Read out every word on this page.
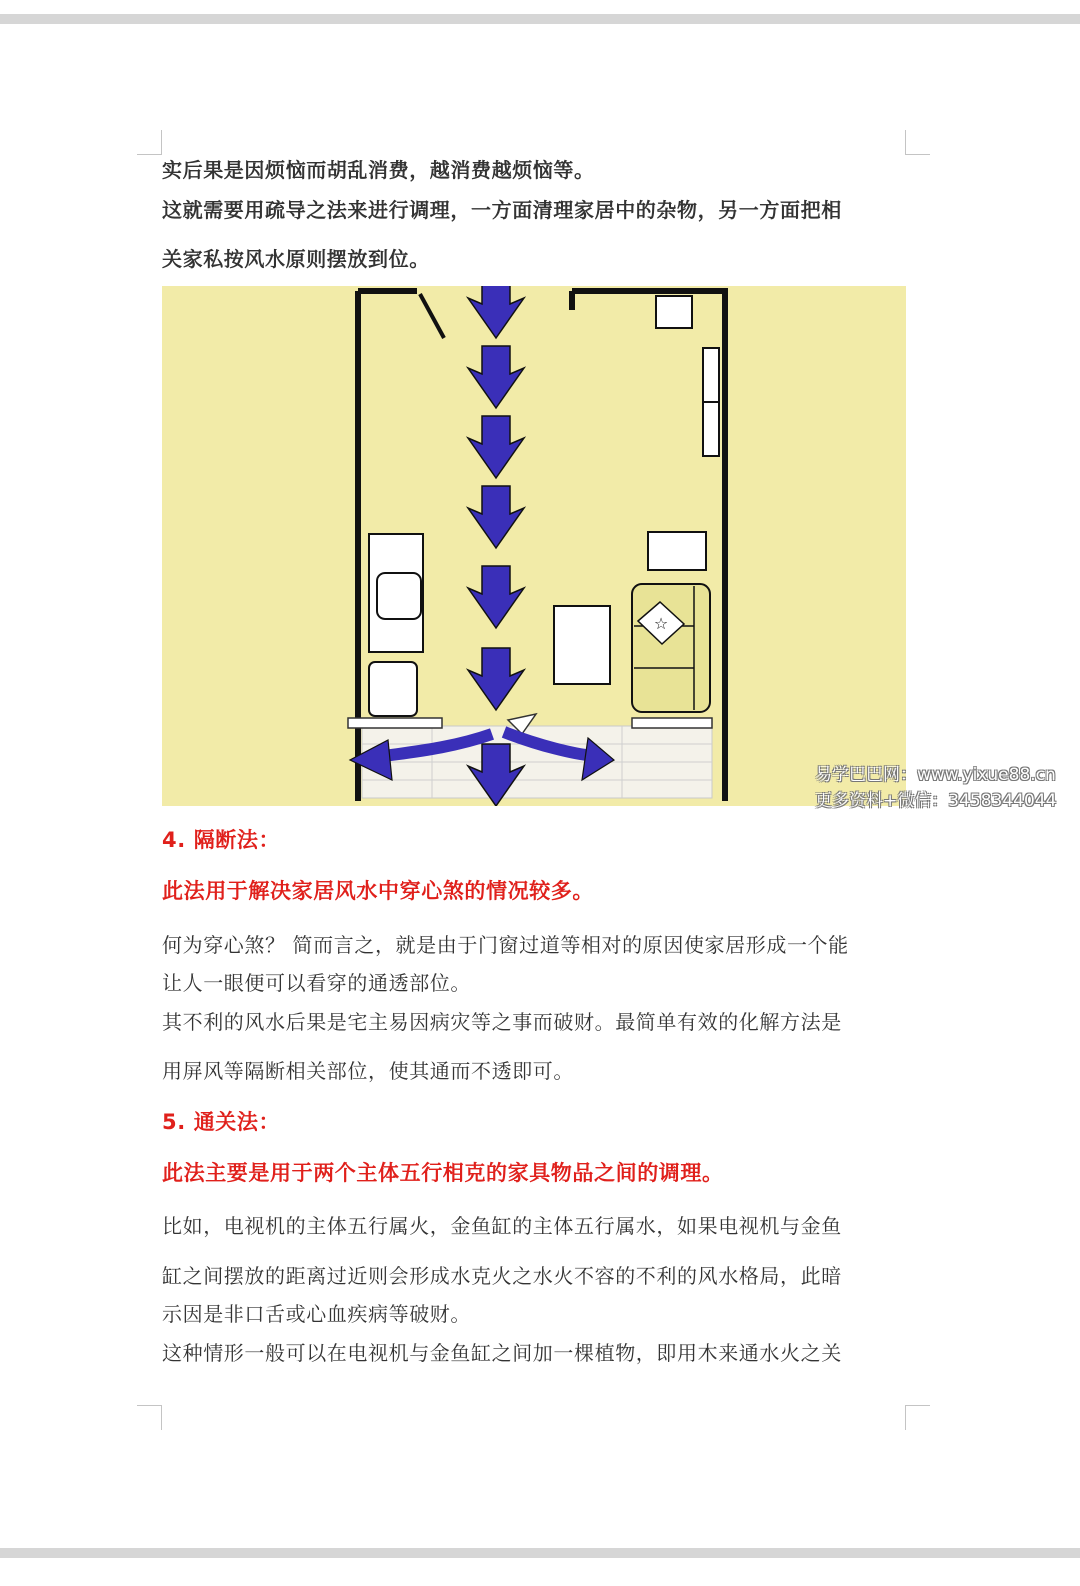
实后果是因烦恼而胡乱消费，越消费越烦恼等。
这就需要用疏导之法来进行调理，一方面清理家居中的杂物，另一方面把相
关家私按风水原则摆放到位。
☆
易学巴巴网：www.yixue88.cn
更多资料+微信：3458344044
4. 隔断法：
此法用于解决家居风水中穿心煞的情况较多。
何为穿心煞？ 简而言之，就是由于门窗过道等相对的原因使家居形成一个能
让人一眼便可以看穿的通透部位。
其不利的风水后果是宅主易因病灾等之事而破财。最简单有效的化解方法是
用屏风等隔断相关部位，使其通而不透即可。
5. 通关法：
此法主要是用于两个主体五行相克的家具物品之间的调理。
比如，电视机的主体五行属火，金鱼缸的主体五行属水，如果电视机与金鱼
缸之间摆放的距离过近则会形成水克火之水火不容的不利的风水格局，此暗
示因是非口舌或心血疾病等破财。
这种情形一般可以在电视机与金鱼缸之间加一棵植物，即用木来通水火之关
